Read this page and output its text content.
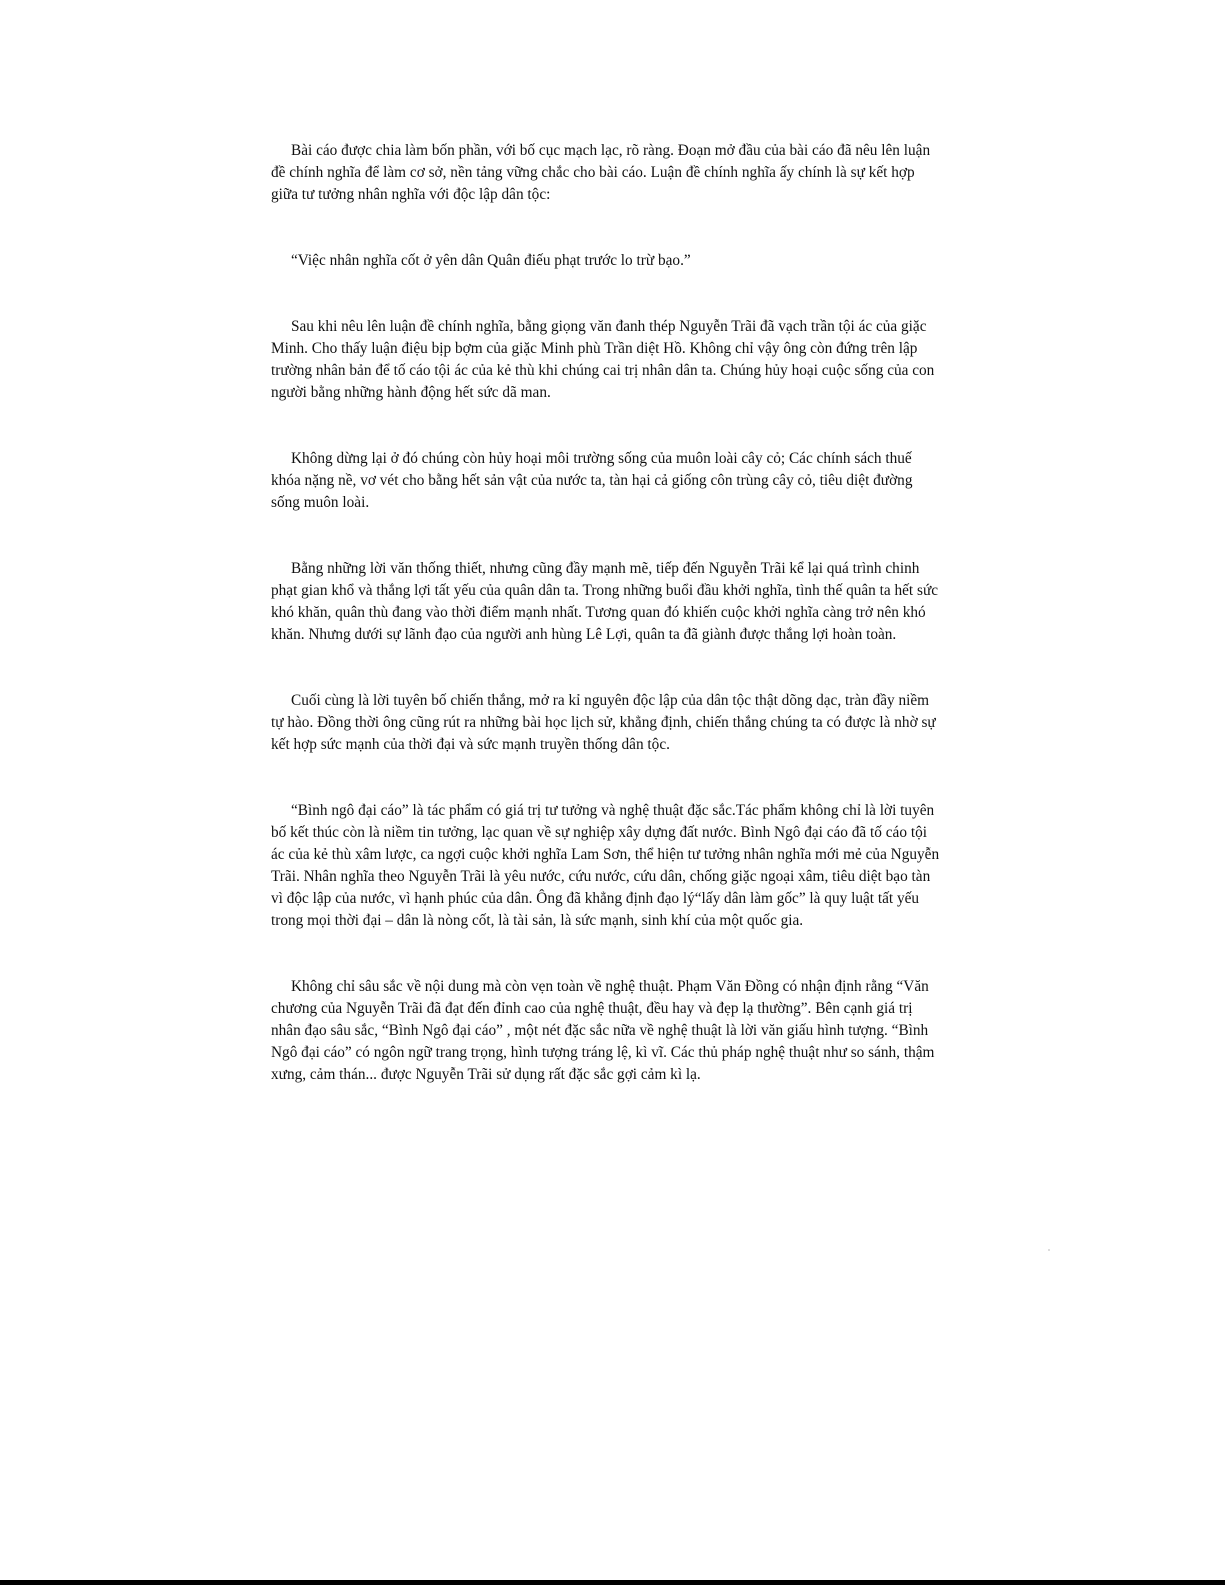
Bài cáo được chia làm bốn phần, với bố cục mạch lạc, rõ ràng. Đoạn mở đầu của bài cáo đã nêu lên luận đề chính nghĩa để làm cơ sở, nền tảng vững chắc cho bài cáo. Luận đề chính nghĩa ấy chính là sự kết hợp giữa tư tưởng nhân nghĩa với độc lập dân tộc:

“Việc nhân nghĩa cốt ở yên dân Quân điếu phạt trước lo trừ bạo.”

Sau khi nêu lên luận đề chính nghĩa, bằng giọng văn đanh thép Nguyễn Trãi đã vạch trần tội ác của giặc Minh. Cho thấy luận điệu bịp bợm của giặc Minh phù Trần diệt Hồ. Không chỉ vậy ông còn đứng trên lập trường nhân bản để tố cáo tội ác của kẻ thù khi chúng cai trị nhân dân ta. Chúng hủy hoại cuộc sống của con người bằng những hành động hết sức dã man.

Không dừng lại ở đó chúng còn hủy hoại môi trường sống của muôn loài cây cỏ; Các chính sách thuế khóa nặng nề, vơ vét cho bằng hết sản vật của nước ta, tàn hại cả giống côn trùng cây cỏ, tiêu diệt đường sống muôn loài.

Bằng những lời văn thống thiết, nhưng cũng đầy mạnh mẽ, tiếp đến Nguyễn Trãi kể lại quá trình chinh phạt gian khổ và thắng lợi tất yếu của quân dân ta. Trong những buổi đầu khởi nghĩa, tình thế quân ta hết sức khó khăn, quân thù đang vào thời điểm mạnh nhất. Tương quan đó khiến cuộc khởi nghĩa càng trở nên khó khăn. Nhưng dưới sự lãnh đạo của người anh hùng Lê Lợi, quân ta đã giành được thắng lợi hoàn toàn.

Cuối cùng là lời tuyên bố chiến thắng, mở ra kỉ nguyên độc lập của dân tộc thật dõng dạc, tràn đầy niềm tự hào. Đồng thời ông cũng rút ra những bài học lịch sử, khẳng định, chiến thắng chúng ta có được là nhờ sự kết hợp sức mạnh của thời đại và sức mạnh truyền thống dân tộc.

“Bình ngô đại cáo” là tác phẩm có giá trị tư tưởng và nghệ thuật đặc sắc.Tác phẩm không chỉ là lời tuyên bố kết thúc còn là niềm tin tưởng, lạc quan về sự nghiệp xây dựng đất nước. Bình Ngô đại cáo đã tố cáo tội ác của kẻ thù xâm lược, ca ngợi cuộc khởi nghĩa Lam Sơn, thể hiện tư tưởng nhân nghĩa mới mẻ của Nguyễn Trãi. Nhân nghĩa theo Nguyễn Trãi là yêu nước, cứu nước, cứu dân, chống giặc ngoại xâm, tiêu diệt bạo tàn vì độc lập của nước, vì hạnh phúc của dân. Ông đã khẳng định đạo lý“lấy dân làm gốc” là quy luật tất yếu trong mọi thời đại – dân là nòng cốt, là tài sản, là sức mạnh, sinh khí của một quốc gia.

Không chỉ sâu sắc về nội dung mà còn vẹn toàn về nghệ thuật. Phạm Văn Đồng có nhận định rằng “Văn chương của Nguyễn Trãi đã đạt đến đỉnh cao của nghệ thuật, đều hay và đẹp lạ thường”. Bên cạnh giá trị nhân đạo sâu sắc, “Bình Ngô đại cáo” , một nét đặc sắc nữa về nghệ thuật là lời văn giấu hình tượng. “Bình Ngô đại cáo” có ngôn ngữ trang trọng, hình tượng tráng lệ, kì vĩ. Các thủ pháp nghệ thuật như so sánh, thậm xưng, cảm thán... được Nguyễn Trãi sử dụng rất đặc sắc gợi cảm kì lạ.
